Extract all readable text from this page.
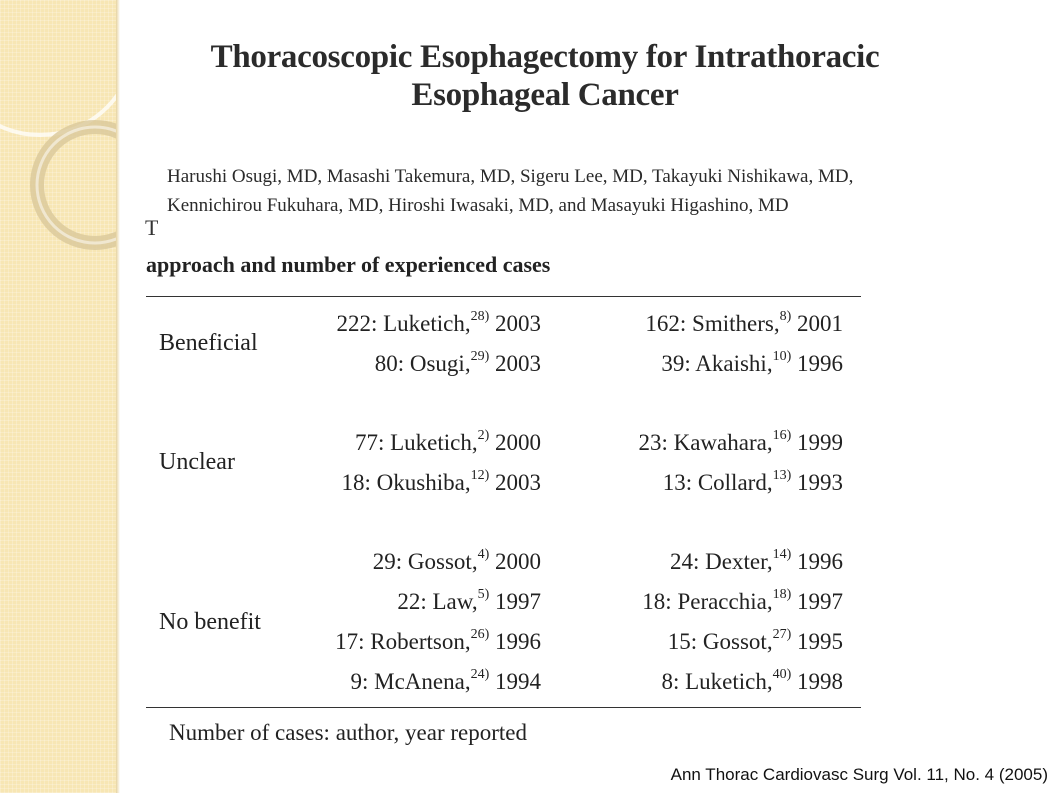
Thoracoscopic Esophagectomy for Intrathoracic
Esophageal Cancer
Harushi Osugi, MD, Masashi Takemura, MD, Sigeru Lee, MD, Takayuki Nishikawa, MD,
Kennichirou Fukuhara, MD, Hiroshi Iwasaki, MD, and Masayuki Higashino, MD
T
approach and number of experienced cases
Beneficial
222: Luketich,$^{28)}$ 2003
80: Osugi,$^{29)}$ 2003
162: Smithers,$^{8)}$ 2001
39: Akaishi,$^{10)}$ 1996
Unclear
77: Luketich,$^{2)}$ 2000
18: Okushiba,$^{12)}$ 2003
23: Kawahara,$^{16)}$ 1999
13: Collard,$^{13)}$ 1993
No benefit
29: Gossot,$^{4)}$ 2000
22: Law,$^{5)}$ 1997
17: Robertson,$^{26)}$ 1996
9: McAnena,$^{24)}$ 1994
24: Dexter,$^{14)}$ 1996
18: Peracchia,$^{18)}$ 1997
15: Gossot,$^{27)}$ 1995
8: Luketich,$^{40)}$ 1998
Number of cases: author, year reported
Ann Thorac Cardiovasc Surg Vol. 11, No. 4 (2005)
